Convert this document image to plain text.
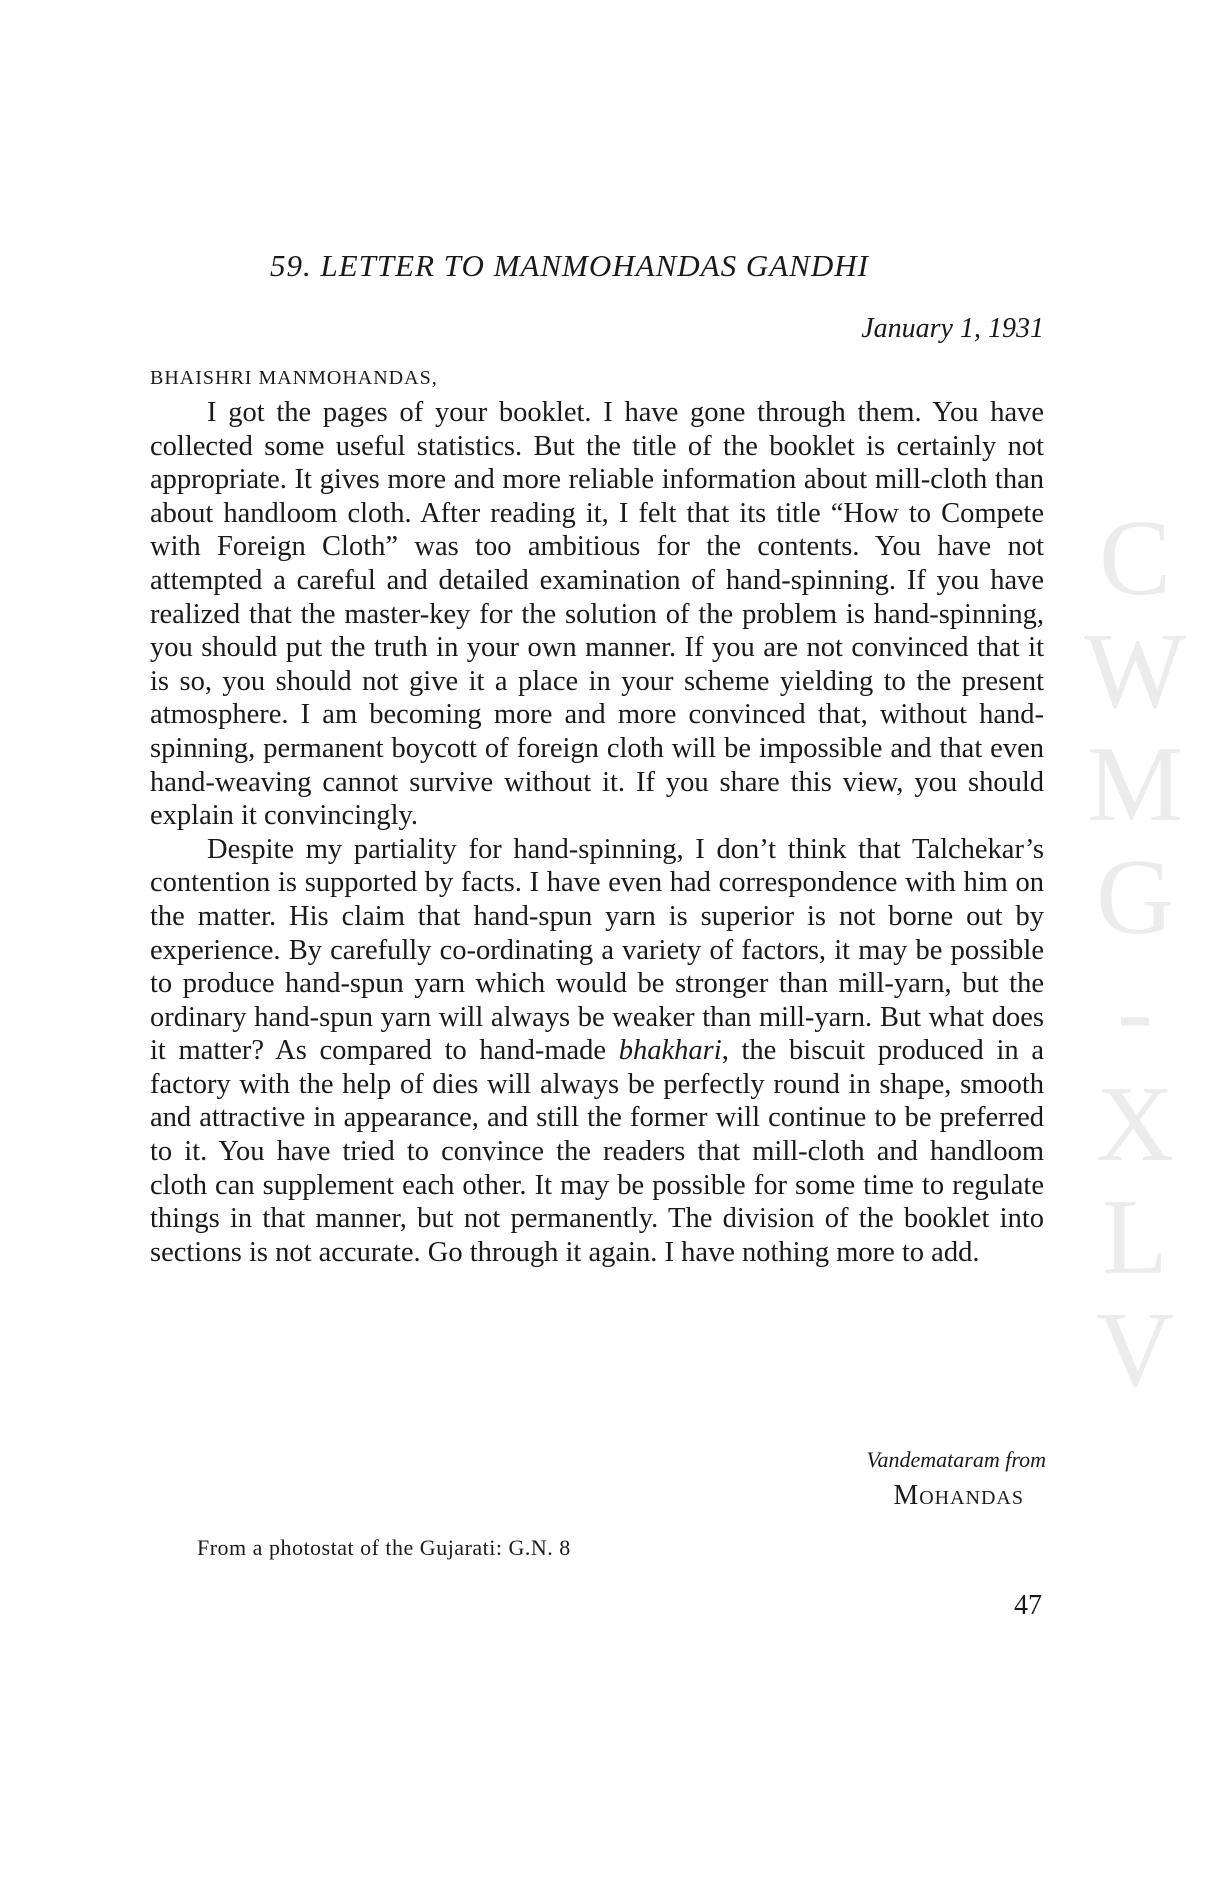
C
W
M
G
-
X
L
V
59. LETTER TO MANMOHANDAS GANDHI
January 1, 1931
BHAISHRI MANMOHANDAS,

I got the pages of your booklet. I have gone through them. You have collected some useful statistics. But the title of the booklet is certainly not appropriate. It gives more and more reliable information about mill-cloth than about handloom cloth. After reading it, I felt that its title “How to Compete with Foreign Cloth” was too ambitious for the contents. You have not attempted a careful and detailed examination of hand-spinning. If you have realized that the master-key for the solution of the problem is hand-spinning, you should put the truth in your own manner. If you are not convinced that it is so, you should not give it a place in your scheme yielding to the present atmosphere. I am becoming more and more convinced that, without hand-spinning, permanent boycott of foreign cloth will be impossible and that even hand-weaving cannot survive without it. If you share this view, you should explain it convincingly.

Despite my partiality for hand-spinning, I don’t think that Talchekar’s contention is supported by facts. I have even had correspondence with him on the matter. His claim that hand-spun yarn is superior is not borne out by experience. By carefully co-ordinating a variety of factors, it may be possible to produce hand-spun yarn which would be stronger than mill-yarn, but the ordinary hand-spun yarn will always be weaker than mill-yarn. But what does it matter? As compared to hand-made bhakhari, the biscuit produced in a factory with the help of dies will always be perfectly round in shape, smooth and attractive in appearance, and still the former will continue to be preferred to it. You have tried to convince the readers that mill-cloth and handloom cloth can supplement each other. It may be possible for some time to regulate things in that manner, but not permanently. The division of the booklet into sections is not accurate. Go through it again. I have nothing more to add.

Vandemataram from
Mohandas
From a photostat of the Gujarati: G.N. 8
47
